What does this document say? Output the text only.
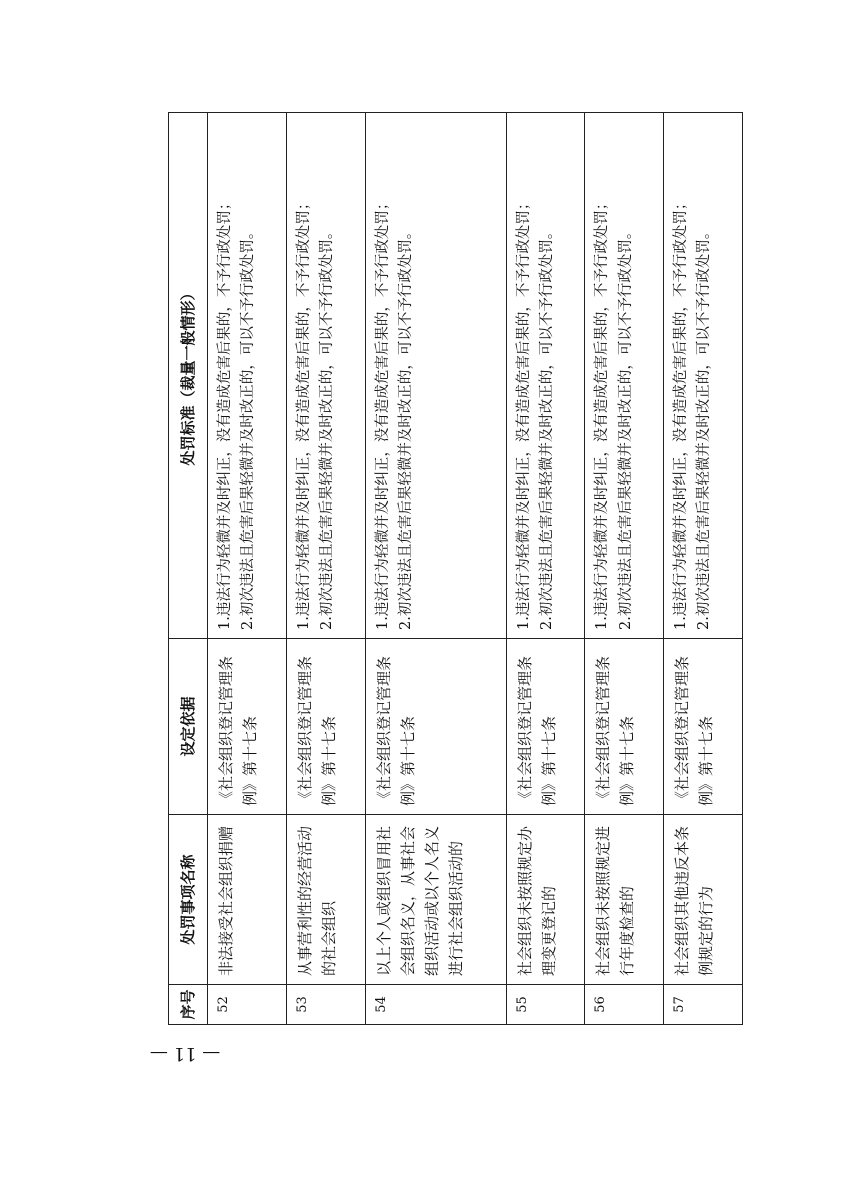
序号	处罚事项名称	设定依据	处罚标准（裁量一般情形）
52	非法接受社会组织捐赠	《社会组织登记管理条例》第十七条	1.违法行为轻微并及时纠正，没有造成危害后果的，不予行政处罚； 2.初次违法且危害后果轻微并及时改正的，可以不予行政处罚。

53	从事营利性的经营活动的社会组织	《社会组织登记管理条例》第十七条	1.违法行为轻微并及时纠正，没有造成危害后果的，不予行政处罚； 2.初次违法且危害后果轻微并及时改正的，可以不予行政处罚。

54	以上个人或组织冒用社会组织名义，从事社会组织活动或以个人名义进行社会组织活动的	《社会组织登记管理条例》第十七条	1.违法行为轻微并及时纠正，没有造成危害后果的，不予行政处罚； 2.初次违法且危害后果轻微并及时改正的，可以不予行政处罚。

55	社会组织未按照规定办理变更登记的	《社会组织登记管理条例》第十七条	1.违法行为轻微并及时纠正，没有造成危害后果的，不予行政处罚； 2.初次违法且危害后果轻微并及时改正的，可以不予行政处罚。

56	社会组织未按照规定进行年度检查的	《社会组织登记管理条例》第十七条	1.违法行为轻微并及时纠正，没有造成危害后果的，不予行政处罚； 2.初次违法且危害后果轻微并及时改正的，可以不予行政处罚。

57	社会组织其他违反本条例规定的行为	《社会组织登记管理条例》第十七条	1.违法行为轻微并及时纠正，没有造成危害后果的，不予行政处罚； 2.初次违法且危害后果轻微并及时改正的，可以不予行政处罚。

— 11 —
